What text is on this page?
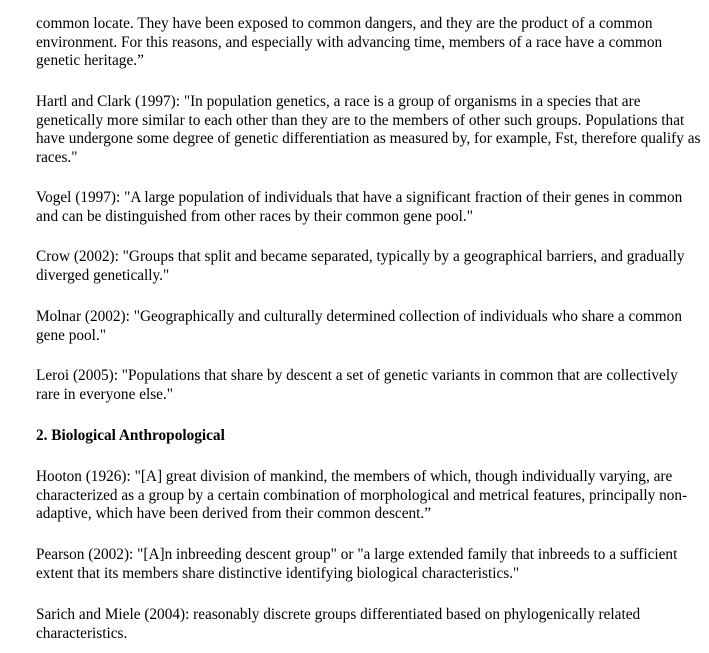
common locate. They have been exposed to common dangers, and they are the product of a common environment. For this reasons, and especially with advancing time, members of a race have a common genetic heritage.”

Hartl and Clark (1997): "In population genetics, a race is a group of organisms in a species that are genetically more similar to each other than they are to the members of other such groups. Populations that have undergone some degree of genetic differentiation as measured by, for example, Fst, therefore qualify as races."

Vogel (1997): "A large population of individuals that have a significant fraction of their genes in common and can be distinguished from other races by their common gene pool."

Crow (2002): "Groups that split and became separated, typically by a geographical barriers, and gradually diverged genetically."

Molnar (2002): "Geographically and culturally determined collection of individuals who share a common gene pool."

Leroi (2005): "Populations that share by descent a set of genetic variants in common that are collectively rare in everyone else."

2. Biological Anthropological

Hooton (1926): "[A] great division of mankind, the members of which, though individually varying, are characterized as a group by a certain combination of morphological and metrical features, principally non-adaptive, which have been derived from their common descent.”

Pearson (2002): "[A]n inbreeding descent group" or "a large extended family that inbreeds to a sufficient extent that its members share distinctive identifying biological characteristics."

Sarich and Miele (2004): reasonably discrete groups differentiated based on phylogenically related characteristics.
